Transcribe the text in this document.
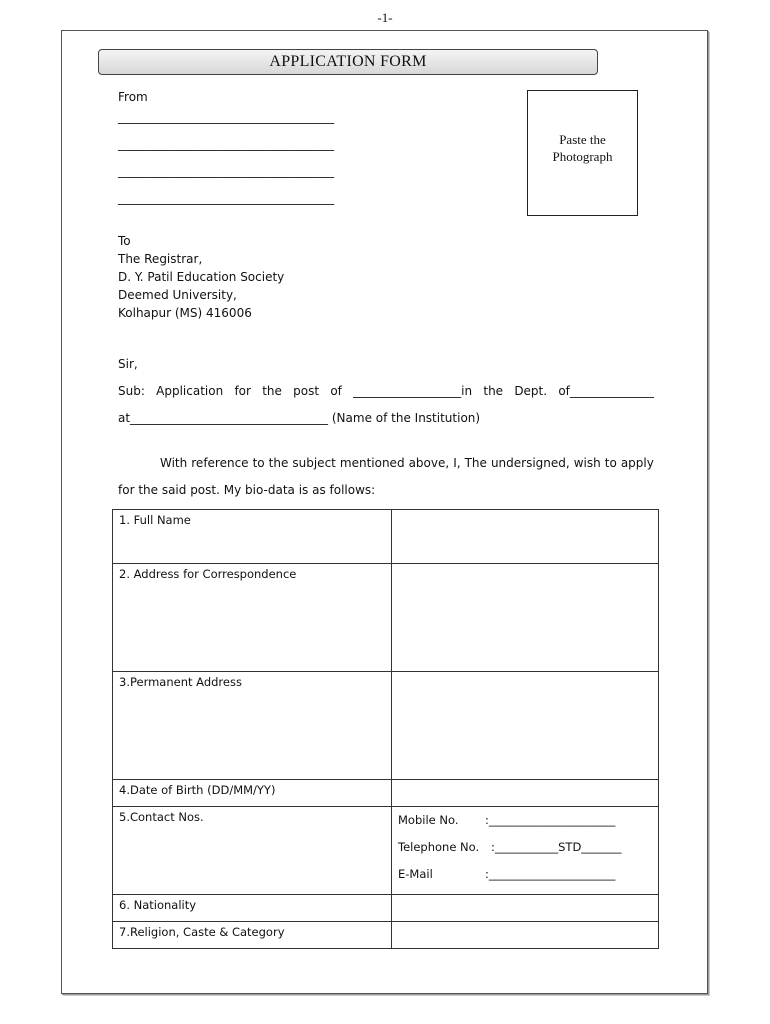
-1-
APPLICATION FORM
From
____________________________________
____________________________________
____________________________________
____________________________________
Paste the
Photograph
To
The Registrar,
D. Y. Patil Education Society
Deemed University,
Kolhapur (MS) 416006
Sir,
Sub: Application for the post of __________________in the Dept. of______________
at_________________________________ (Name of the Institution)
With reference to the subject mentioned above, I, The undersigned, wish to apply
for the said post. My bio-data is as follows:
1. Full Name	
2. Address for Correspondence	
3.Permanent Address	
4.Date of Birth (DD/MM/YY)	
5.Contact Nos.	Mobile No. :______________________
Telephone No. :___________STD_______
E-Mail :______________________

6. Nationality	
7.Religion, Caste & Category	
